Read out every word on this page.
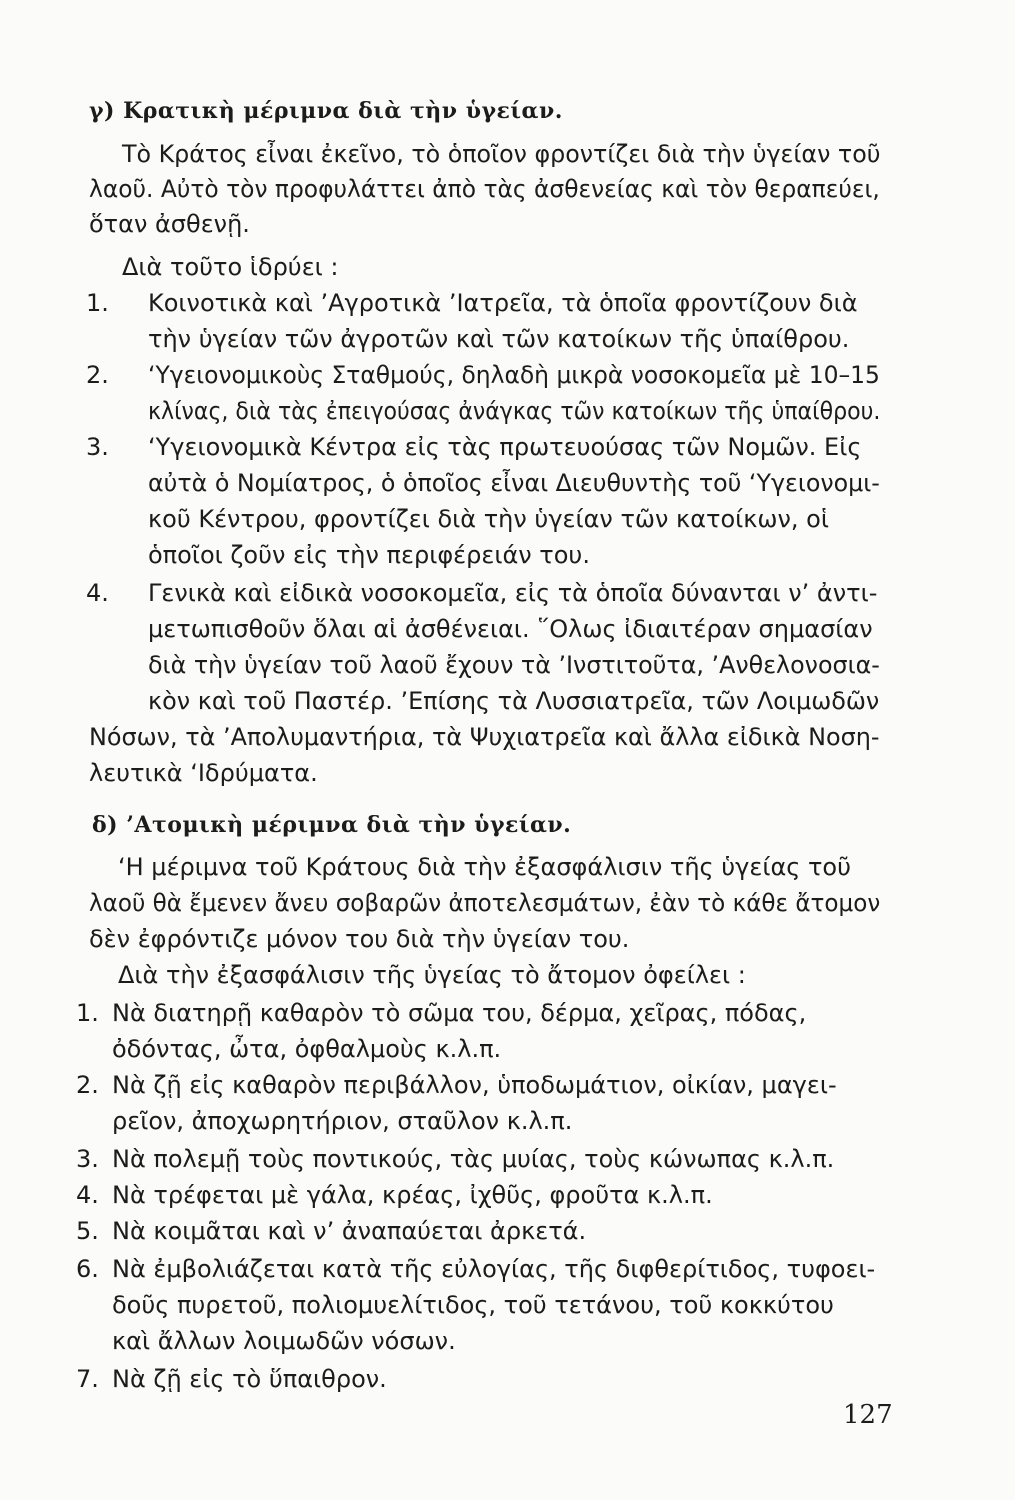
γ) Κρατικὴ μέριμνα διὰ τὴν ὑγείαν.

Τὸ Κράτος εἶναι ἐκεῖνο, τὸ ὁποῖον φροντίζει διὰ τὴν ὑγείαν τοῦ

λαοῦ. Αὐτὸ τὸν προφυλάττει ἀπὸ τὰς ἀσθενείας καὶ τὸν θεραπεύει,

ὅταν ἀσθενῇ.

Διὰ τοῦτο ἱδρύει :

1. Κοινοτικὰ καὶ ’Αγροτικὰ ’Ιατρεῖα, τὰ ὁποῖα φροντίζουν διὰ

τὴν ὑγείαν τῶν ἀγροτῶν καὶ τῶν κατοίκων τῆς ὑπαίθρου.

2. ‘Υγειονομικοὺς Σταθμούς, δηλαδὴ μικρὰ νοσοκομεῖα μὲ 10–15

κλίνας, διὰ τὰς ἐπειγούσας ἀνάγκας τῶν κατοίκων τῆς ὑπαίθρου.

3. ‘Υγειονομικὰ Κέντρα εἰς τὰς πρωτευούσας τῶν Νομῶν. Εἰς

αὐτὰ ὁ Νομίατρος, ὁ ὁποῖος εἶναι Διευθυντὴς τοῦ ‘Υγειονομι-

κοῦ Κέντρου, φροντίζει διὰ τὴν ὑγείαν τῶν κατοίκων, οἱ

ὁποῖοι ζοῦν εἰς τὴν περιφέρειάν του.

4. Γενικὰ καὶ εἰδικὰ νοσοκομεῖα, εἰς τὰ ὁποῖα δύνανται ν’ ἀντι-

μετωπισθοῦν ὅλαι αἱ ἀσθένειαι. ῞Ολως ἰδιαιτέραν σημασίαν

διὰ τὴν ὑγείαν τοῦ λαοῦ ἔχουν τὰ ’Ινστιτοῦτα, ’Ανθελονοσια-

κὸν καὶ τοῦ Παστέρ. ’Επίσης τὰ Λυσσιατρεῖα, τῶν Λοιμωδῶν

Νόσων, τὰ ’Απολυμαντήρια, τὰ Ψυχιατρεῖα καὶ ἄλλα εἰδικὰ Νοση-

λευτικὰ ‘Ιδρύματα.

δ) ’Ατομικὴ μέριμνα διὰ τὴν ὑγείαν.

‘Η μέριμνα τοῦ Κράτους διὰ τὴν ἐξασφάλισιν τῆς ὑγείας τοῦ

λαοῦ θὰ ἔμενεν ἄνευ σοβαρῶν ἀποτελεσμάτων, ἐὰν τὸ κάθε ἄτομον

δὲν ἐφρόντιζε μόνον του διὰ τὴν ὑγείαν του.

Διὰ τὴν ἐξασφάλισιν τῆς ὑγείας τὸ ἄτομον ὀφείλει :

1. Νὰ διατηρῇ καθαρὸν τὸ σῶμα του, δέρμα, χεῖρας, πόδας,

ὀδόντας, ὦτα, ὀφθαλμοὺς κ.λ.π.

2. Νὰ ζῇ εἰς καθαρὸν περιβάλλον, ὑποδωμάτιον, οἰκίαν, μαγει-

ρεῖον, ἀποχωρητήριον, σταῦλον κ.λ.π.

3. Νὰ πολεμῇ τοὺς ποντικούς, τὰς μυίας, τοὺς κώνωπας κ.λ.π.

4. Νὰ τρέφεται μὲ γάλα, κρέας, ἰχθῦς, φροῦτα κ.λ.π.

5. Νὰ κοιμᾶται καὶ ν’ ἀναπαύεται ἀρκετά.

6. Νὰ ἐμβολιάζεται κατὰ τῆς εὐλογίας, τῆς διφθερίτιδος, τυφοει-

δοῦς πυρετοῦ, πολιομυελίτιδος, τοῦ τετάνου, τοῦ κοκκύτου

καὶ ἄλλων λοιμωδῶν νόσων.

7. Νὰ ζῇ εἰς τὸ ὕπαιθρον.

127
